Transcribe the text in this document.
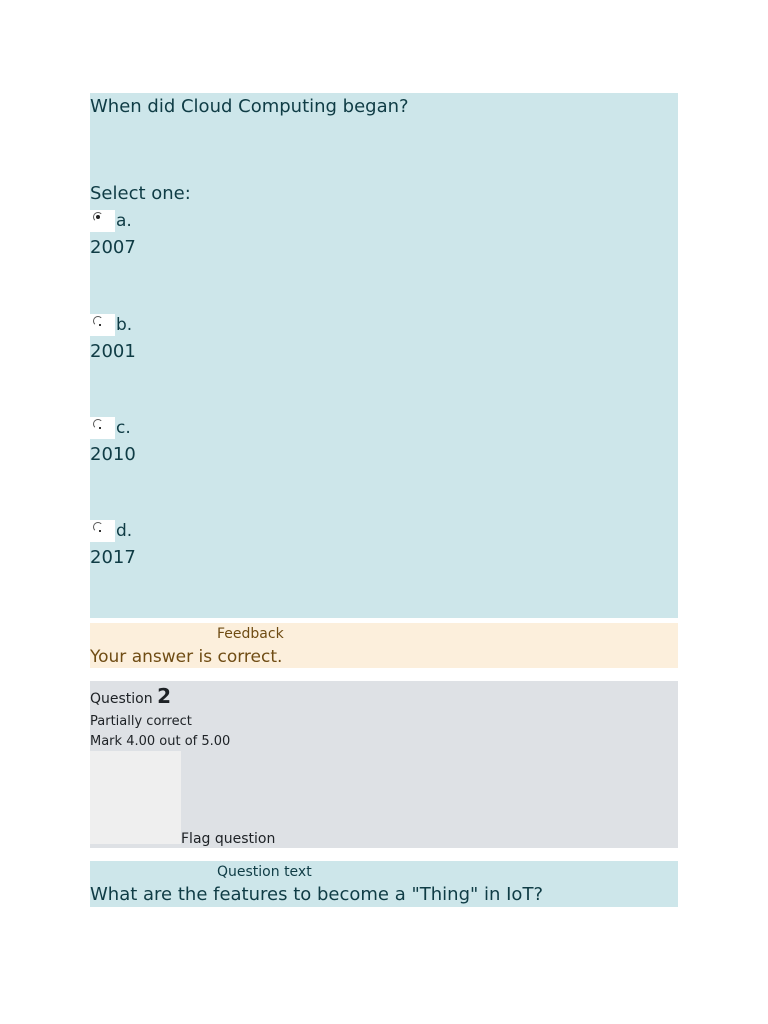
When did Cloud Computing began?
Select one:
a.
2007
b.
2001
c.
2010
d.
2017
Feedback
Your answer is correct.
Question 2
Partially correct
Mark 4.00 out of 5.00
Flag question
Question text
What are the features to become a "Thing" in IoT?
